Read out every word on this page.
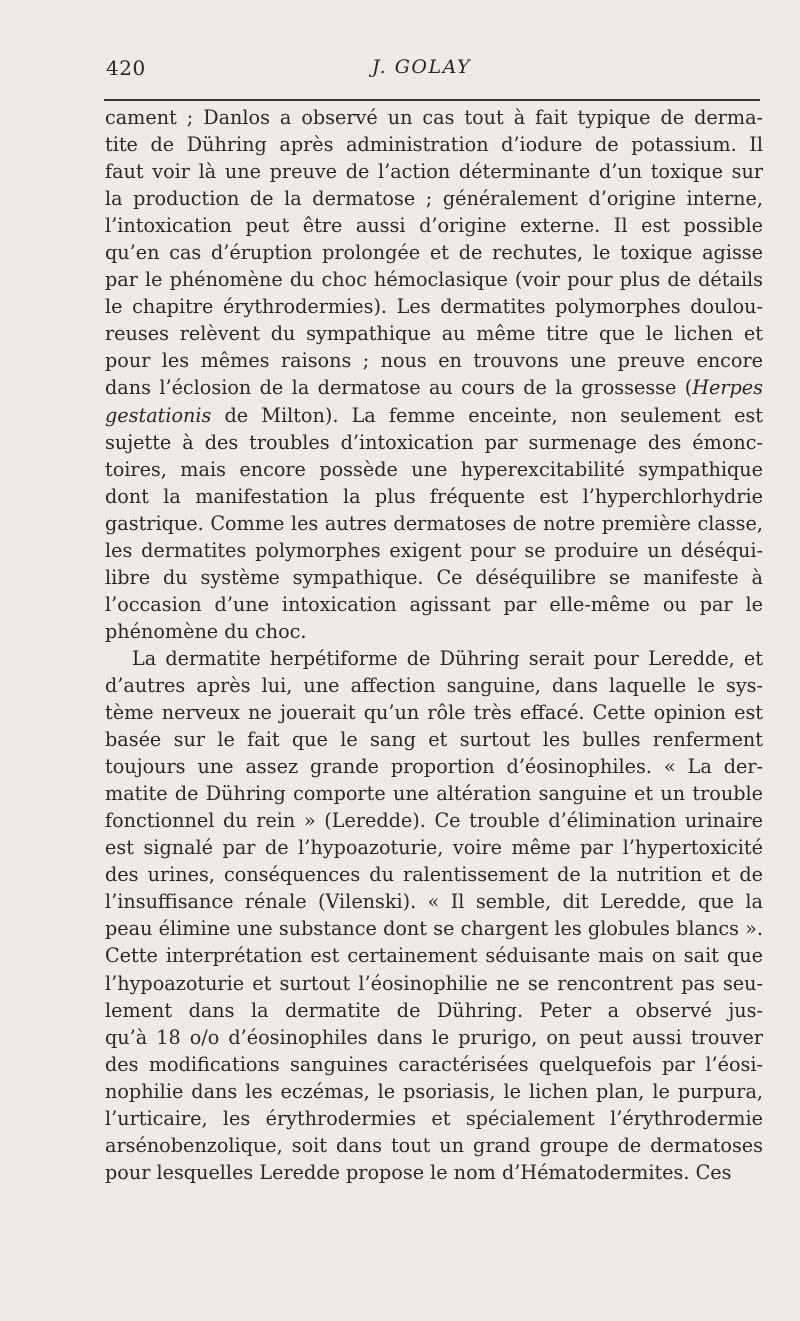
420	J. GOLAY
cament ; Danlos a observé un cas tout à fait typique de derma-
tite de Dühring après administration d’iodure de potassium. Il
faut voir là une preuve de l’action déterminante d’un toxique sur
la production de la dermatose ; généralement d’origine interne,
l’intoxication peut être aussi d’origine externe. Il est possible
qu’en cas d’éruption prolongée et de rechutes, le toxique agisse
par le phénomène du choc hémoclasique (voir pour plus de détails
le chapitre érythrodermies). Les dermatites polymorphes doulou-
reuses relèvent du sympathique au même titre que le lichen et
pour les mêmes raisons ; nous en trouvons une preuve encore
dans l’éclosion de la dermatose au cours de la grossesse (Herpes
gestationis de Milton). La femme enceinte, non seulement est
sujette à des troubles d’intoxication par surmenage des émonc-
toires, mais encore possède une hyperexcitabilité sympathique
dont la manifestation la plus fréquente est l’hyperchlorhydrie
gastrique. Comme les autres dermatoses de notre première classe,
les dermatites polymorphes exigent pour se produire un déséqui-
libre du système sympathique. Ce déséquilibre se manifeste à
l’occasion d’une intoxication agissant par elle-même ou par le
phénomène du choc.
La dermatite herpétiforme de Dühring serait pour Leredde, et
d’autres après lui, une affection sanguine, dans laquelle le sys-
tème nerveux ne jouerait qu’un rôle très effacé. Cette opinion est
basée sur le fait que le sang et surtout les bulles renferment
toujours une assez grande proportion d’éosinophiles. « La der-
matite de Dühring comporte une altération sanguine et un trouble
fonctionnel du rein » (Leredde). Ce trouble d’élimination urinaire
est signalé par de l’hypoazoturie, voire même par l’hypertoxicité
des urines, conséquences du ralentissement de la nutrition et de
l’insuffisance rénale (Vilenski). « Il semble, dit Leredde, que la
peau élimine une substance dont se chargent les globules blancs ».
Cette interprétation est certainement séduisante mais on sait que
l’hypoazoturie et surtout l’éosinophilie ne se rencontrent pas seu-
lement dans la dermatite de Dühring. Peter a observé jus-
qu’à 18 o/o d’éosinophiles dans le prurigo, on peut aussi trouver
des modifications sanguines caractérisées quelquefois par l’éosi-
nophilie dans les eczémas, le psoriasis, le lichen plan, le purpura,
l’urticaire, les érythrodermies et spécialement l’érythrodermie
arsénobenzolique, soit dans tout un grand groupe de dermatoses
pour lesquelles Leredde propose le nom d’Hématodermites. Ces
